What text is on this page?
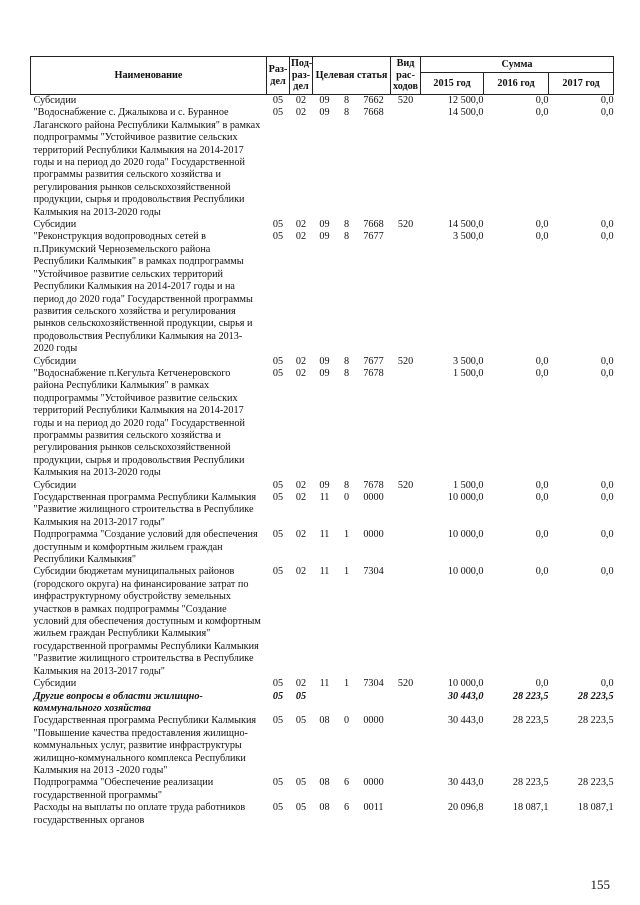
Наименование	Раз-дел	Под-раз-дел	Целевая статья			Вид рас-ходов	Сумма		
							2015 год	2016 год	2017 год
Субсидии	05	02	09	8	7662	520	12 500,0	0,0	0,0
"Водоснабжение с. Джалыкова и с. Буранное Лаганского района Республики Калмыкия" в рамках подпрограммы "Устойчивое развитие сельских территорий Республики Калмыкия на 2014-2017 годы и на период до 2020 года" Государственной программы развития сельского хозяйства и регулирования рынков сельскохозяйственной продукции, сырья и продовольствия Республики Калмыкия на 2013-2020 годы	05	02	09	8	7668		14 500,0	0,0	0,0
Субсидии	05	02	09	8	7668	520	14 500,0	0,0	0,0
"Реконструкция водопроводных сетей в п.Прикумский Черноземельского района Республики Калмыкия" в рамках подпрограммы "Устойчивое развитие сельских территорий Республики Калмыкия на 2014-2017 годы и на период до 2020 года" Государственной программы развития сельского хозяйства и регулирования рынков сельскохозяйственной продукции, сырья и продовольствия Республики Калмыкия на 2013-2020 годы	05	02	09	8	7677		3 500,0	0,0	0,0
Субсидии	05	02	09	8	7677	520	3 500,0	0,0	0,0
"Водоснабжение п.Кегульта Кетченеровского района Республики Калмыкия" в рамках подпрограммы "Устойчивое развитие сельских территорий Республики Калмыкия на 2014-2017 годы и на период до 2020 года" Государственной программы развития сельского хозяйства и регулирования рынков сельскохозяйственной продукции, сырья и продовольствия Республики Калмыкия на 2013-2020 годы	05	02	09	8	7678		1 500,0	0,0	0,0
Субсидии	05	02	09	8	7678	520	1 500,0	0,0	0,0
Государственная программа Республики Калмыкия "Развитие жилищного строительства в Республике Калмыкия на 2013-2017 годы"	05	02	11	0	0000		10 000,0	0,0	0,0
Подпрограмма "Создание условий для обеспечения доступным и комфортным жильем граждан Республики Калмыкия"	05	02	11	1	0000		10 000,0	0,0	0,0
Субсидии бюджетам муниципальных районов (городского округа) на финансирование затрат по инфраструктурному обустройству земельных участков в рамках подпрограммы "Создание условий для обеспечения доступным и комфортным жильем граждан Республики Калмыкия" государственной программы Республики Калмыкия "Развитие жилищного строительства в Республике Калмыкия на 2013-2017 годы"	05	02	11	1	7304		10 000,0	0,0	0,0
Субсидии	05	02	11	1	7304	520	10 000,0	0,0	0,0
Другие вопросы в области жилищно-коммунального хозяйства	05	05					30 443,0	28 223,5	28 223,5
Государственная программа Республики Калмыкия "Повышение качества предоставления жилищно-коммунальных услуг, развитие инфраструктуры жилищно-коммунального комплекса Республики Калмыкия на 2013 -2020 годы"	05	05	08	0	0000		30 443,0	28 223,5	28 223,5
Подпрограмма "Обеспечение реализации государственной программы"	05	05	08	6	0000		30 443,0	28 223,5	28 223,5
Расходы на выплаты по оплате труда работников государственных органов	05	05	08	6	0011		20 096,8	18 087,1	18 087,1
155
